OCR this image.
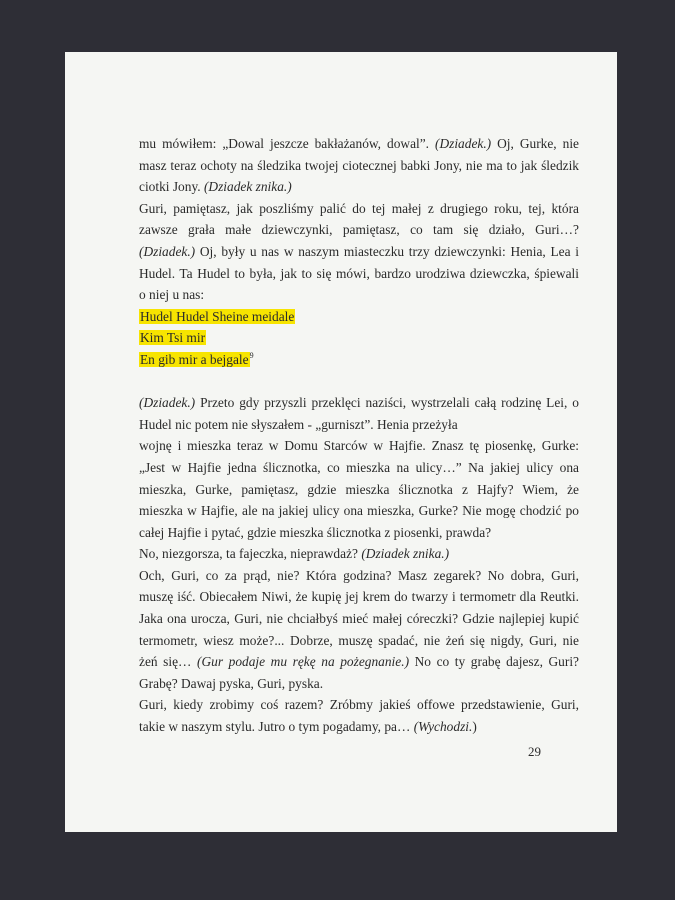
mu mówiłem: „Dowal jeszcze bakłażanów, dowal”. (Dziadek.) Oj, Gurke, nie
masz teraz ochoty na śledzika twojej ciotecznej babki Jony, nie ma to jak śledzik
ciotki Jony. (Dziadek znika.)
Guri, pamiętasz, jak poszliśmy palić do tej małej z drugiego roku, tej, która
zawsze grała małe dziewczynki, pamiętasz, co tam się działo, Guri…?
(Dziadek.) Oj, były u nas w naszym miasteczku trzy dziewczynki: Henia, Lea i
Hudel. Ta Hudel to była, jak to się mówi, bardzo urodziwa dziewczka, śpiewali
o niej u nas:
Hudel Hudel Sheine meidale
Kim Tsi mir
En gib mir a bejgale$^9$
(Dziadek.) Przeto gdy przyszli przeklęci naziści, wystrzelali całą rodzinę Lei, o
Hudel nic potem nie słyszałem - „gurniszt”. Henia przeżyła
wojnę i mieszka teraz w Domu Starców w Hajfie. Znasz tę piosenkę, Gurke:
„Jest w Hajfie jedna ślicznotka, co mieszka na ulicy…” Na jakiej ulicy ona
mieszka, Gurke, pamiętasz, gdzie mieszka ślicznotka z Hajfy? Wiem, że
mieszka w Hajfie, ale na jakiej ulicy ona mieszka, Gurke? Nie mogę chodzić po
całej Hajfie i pytać, gdzie mieszka ślicznotka z piosenki, prawda?
No, niezgorsza, ta fajeczka, nieprawdaż? (Dziadek znika.)
Och, Guri, co za prąd, nie? Która godzina? Masz zegarek? No dobra, Guri,
muszę iść. Obiecałem Niwi, że kupię jej krem do twarzy i termometr dla Reutki.
Jaka ona urocza, Guri, nie chciałbyś mieć małej córeczki? Gdzie najlepiej kupić
termometr, wiesz może?... Dobrze, muszę spadać, nie żeń się nigdy, Guri, nie
żeń się… (Gur podaje mu rękę na pożegnanie.) No co ty grabę dajesz, Guri?
Grabę? Dawaj pyska, Guri, pyska.
Guri, kiedy zrobimy coś razem? Zróbmy jakieś offowe przedstawienie, Guri,
takie w naszym stylu. Jutro o tym pogadamy, pa… (Wychodzi.)
29
